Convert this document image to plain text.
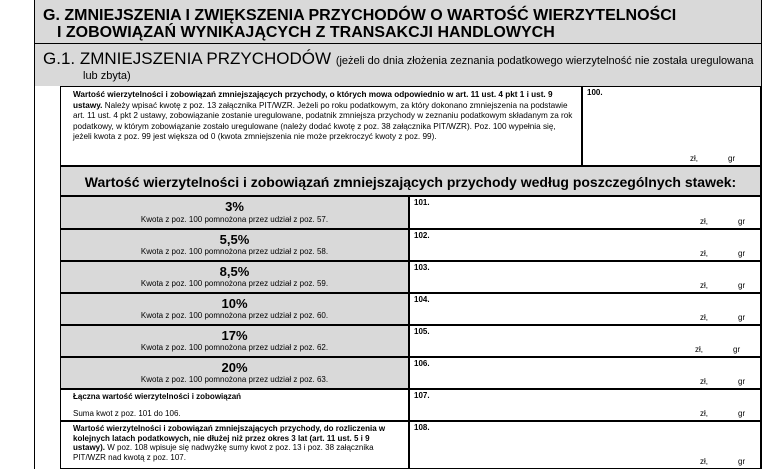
G. ZMNIEJSZENIA I ZWIĘKSZENIA PRZYCHODÓW O WARTOŚĆ WIERZYTELNOŚCI
I ZOBOWIĄZAŃ WYNIKAJĄCYCH Z TRANSAKCJI HANDLOWYCH
G.1. ZMNIEJSZENIA PRZYCHODÓW (jeżeli do dnia złożenia zeznania podatkowego wierzytelność nie została uregulowana
lub zbyta)
Wartość wierzytelności i zobowiązań zmniejszających przychody, o których mowa odpowiednio w art. 11 ust. 4 pkt 1 i ust. 9 ustawy. Należy wpisać kwotę z poz. 13 załącznika PIT/WZR. Jeżeli po roku podatkowym, za który dokonano zmniejszenia na podstawie art. 11 ust. 4 pkt 2 ustawy, zobowiązanie zostanie uregulowane, podatnik zmniejsza przychody w zeznaniu podatkowym składanym za rok podatkowy, w którym zobowiązanie zostało uregulowane (należy dodać kwotę z poz. 38 załącznika PIT/WZR). Poz. 100 wypełnia się, jeżeli kwota z poz. 99 jest większa od 0 (kwota zmniejszenia nie może przekroczyć kwoty z poz. 99).
100.
zł,	gr
Wartość wierzytelności i zobowiązań zmniejszających przychody według poszczególnych stawek:
3%
Kwota z poz. 100 pomnożona przez udział z poz. 57.
101.
zł,	gr
5,5%
Kwota z poz. 100 pomnożona przez udział z poz. 58.
102.
zł,	gr
8,5%
Kwota z poz. 100 pomnożona przez udział z poz. 59.
103.
zł,	gr
10%
Kwota z poz. 100 pomnożona przez udział z poz. 60.
104.
zł,	gr
17%
Kwota z poz. 100 pomnożona przez udział z poz. 62.
105.
zł,	gr
20%
Kwota z poz. 100 pomnożona przez udział z poz. 63.
106.
zł,	gr
Łączna wartość wierzytelności i zobowiązań
Suma kwot z poz. 101 do 106.
107.
zł,	gr
Wartość wierzytelności i zobowiązań zmniejszających przychody, do rozliczenia w kolejnych latach podatkowych, nie dłużej niż przez okres 3 lat (art. 11 ust. 5 i 9 ustawy). W poz. 108 wpisuje się nadwyżkę sumy kwot z poz. 13 i poz. 38 załącznika PIT/WZR nad kwotą z poz. 107.
108.
zł,	gr
